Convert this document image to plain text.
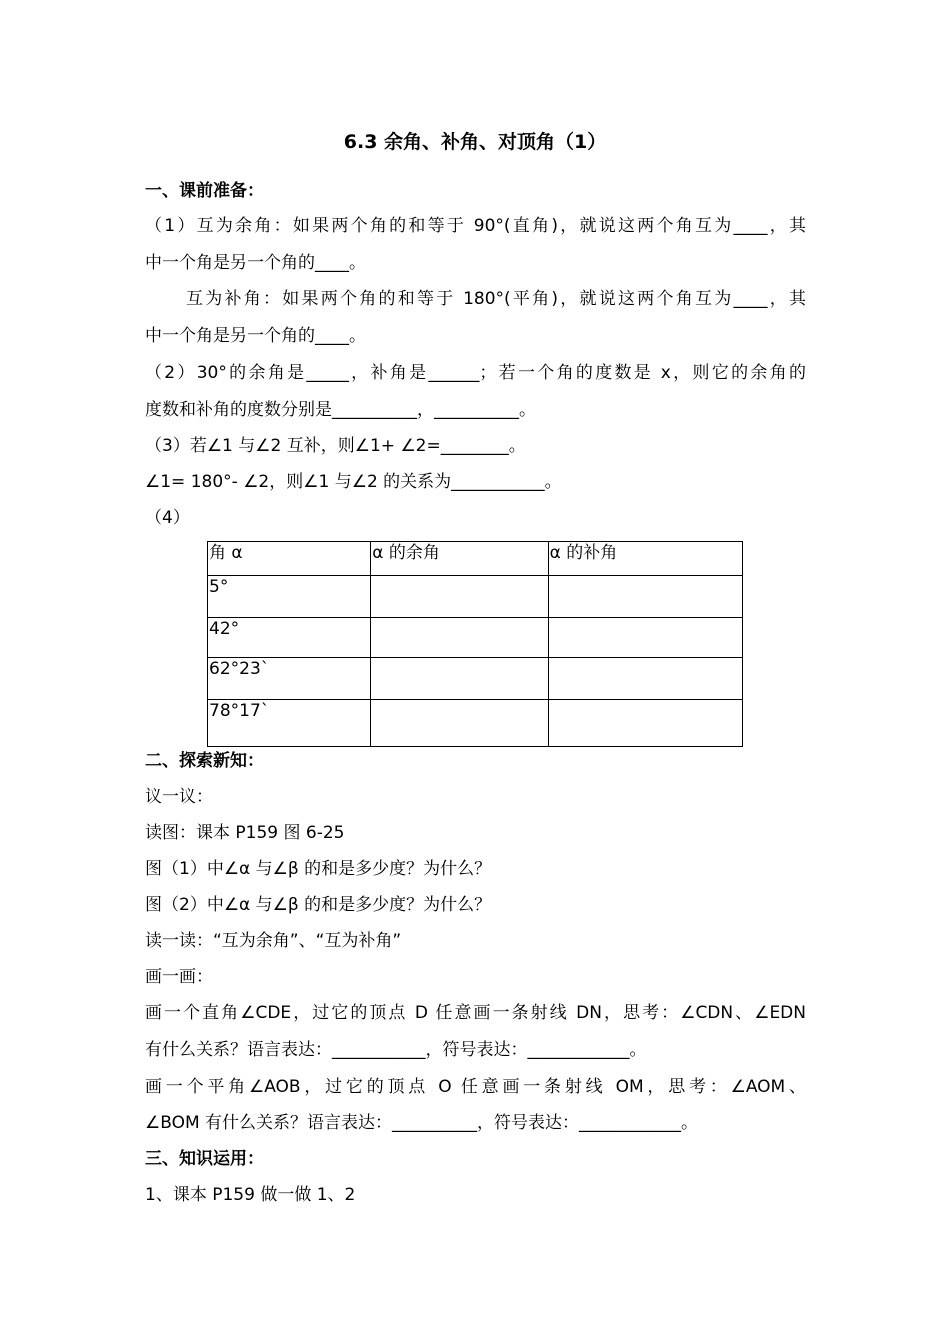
6.3 余角、补角、对顶角（1）
一、课前准备：
（1）互为余角：如果两个角的和等于 90°(直角)，就说这两个角互为____，其
中一个角是另一个角的____。
互为补角：如果两个角的和等于 180°(平角)，就说这两个角互为____，其
中一个角是另一个角的____。
（2）30°的余角是_____，补角是______；若一个角的度数是 x，则它的余角的
度数和补角的度数分别是__________，__________。
（3）若∠1 与∠2 互补，则∠1+ ∠2=________。
∠1= 180°- ∠2，则∠1 与∠2 的关系为___________。
（4）
角 α	α 的余角	α 的补角
5°		
42°		
62°23`		
78°17`		
二、探索新知：
议一议：
读图：课本 P159 图 6-25
图（1）中∠α 与∠β 的和是多少度？为什么？
图（2）中∠α 与∠β 的和是多少度？为什么？
读一读：“互为余角”、“互为补角”
画一画：
画一个直角∠CDE，过它的顶点 D 任意画一条射线 DN，思考：∠CDN、∠EDN
有什么关系？语言表达：___________，符号表达：____________。
画一个平角∠AOB，过它的顶点 O 任意画一条射线 OM，思考：∠AOM、
∠BOM 有什么关系？语言表达：__________，符号表达：____________。
三、知识运用：
1、课本 P159 做一做 1、2
